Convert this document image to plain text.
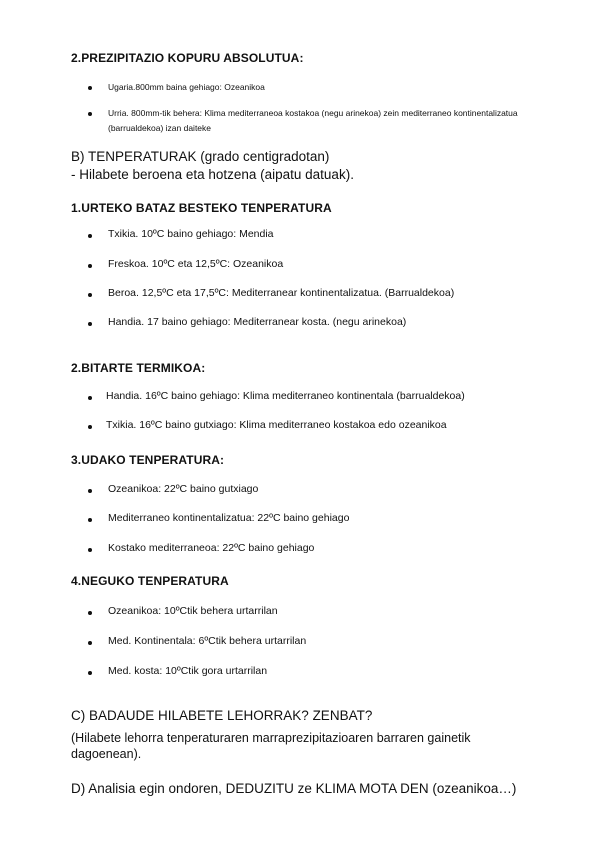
2.PREZIPITAZIO KOPURU ABSOLUTUA:
Ugaria.800mm baina gehiago: Ozeanikoa
Urria. 800mm-tik behera: Klima mediterraneoa kostakoa (negu arinekoa) zein mediterraneo kontinentalizatua (barrualdekoa) izan daiteke
B) TENPERATURAK (grado centigradotan)
- Hilabete beroena eta hotzena (aipatu datuak).
1.URTEKO BATAZ BESTEKO TENPERATURA
Txikia. 10ºC baino gehiago: Mendia
Freskoa. 10ºC eta 12,5ºC: Ozeanikoa
Beroa. 12,5ºC eta 17,5ºC: Mediterranear kontinentalizatua. (Barrualdekoa)
Handia. 17 baino gehiago: Mediterranear kosta. (negu arinekoa)
2.BITARTE TERMIKOA:
Handia. 16ºC baino gehiago: Klima mediterraneo kontinentala (barrualdekoa)
Txikia. 16ºC baino gutxiago: Klima mediterraneo kostakoa edo ozeanikoa
3.UDAKO TENPERATURA:
Ozeanikoa: 22ºC baino gutxiago
Mediterraneo kontinentalizatua: 22ºC baino gehiago
Kostako mediterraneoa: 22ºC baino gehiago
4.NEGUKO TENPERATURA
Ozeanikoa: 10ºCtik behera urtarrilan
Med. Kontinentala: 6ºCtik behera urtarrilan
Med. kosta: 10ºCtik gora urtarrilan
C) BADAUDE HILABETE LEHORRAK? ZENBAT?
(Hilabete lehorra tenperaturaren marraprezipitazioaren barraren gainetik
dagoenean).
D) Analisia egin ondoren, DEDUZITU ze KLIMA MOTA DEN (ozeanikoa…)
